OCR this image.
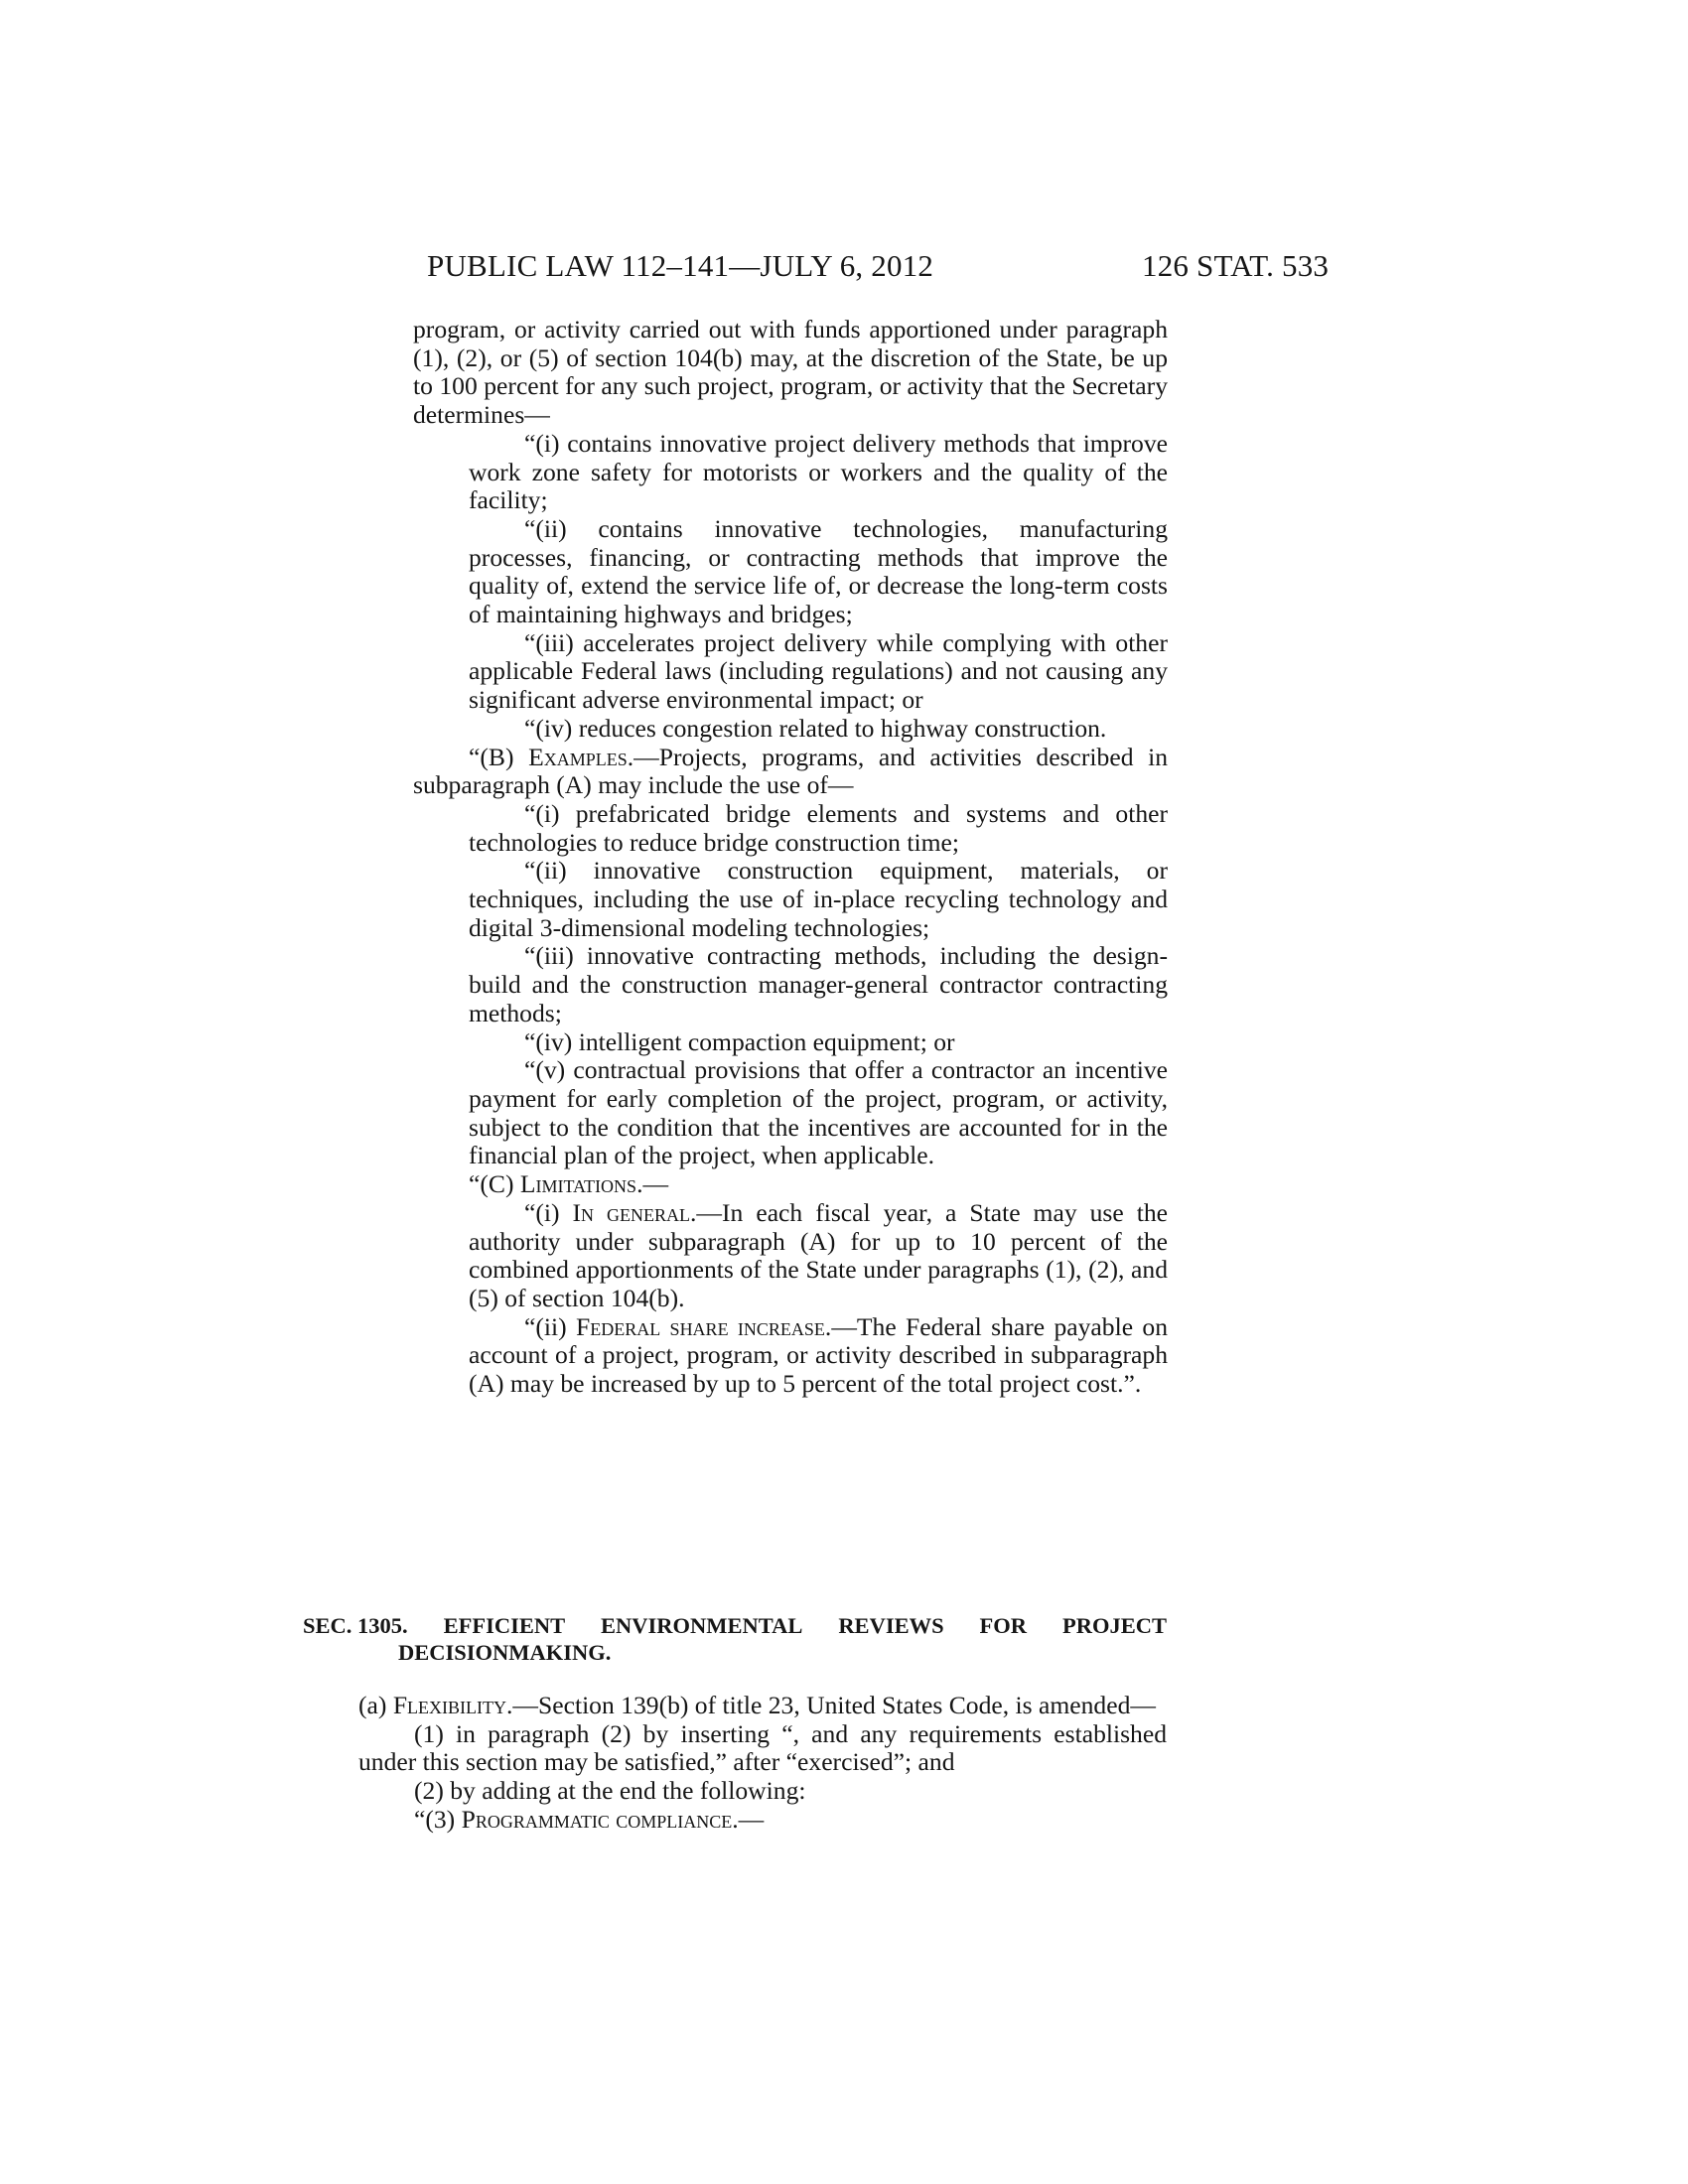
PUBLIC LAW 112–141—JULY 6, 2012	126 STAT. 533

program, or activity carried out with funds apportioned under paragraph (1), (2), or (5) of section 104(b) may, at the discretion of the State, be up to 100 percent for any such project, program, or activity that the Secretary determines—

“(i) contains innovative project delivery methods that improve work zone safety for motorists or workers and the quality of the facility;

“(ii) contains innovative technologies, manufacturing processes, financing, or contracting methods that improve the quality of, extend the service life of, or decrease the long-term costs of maintaining highways and bridges;

“(iii) accelerates project delivery while complying with other applicable Federal laws (including regulations) and not causing any significant adverse environmental impact; or

“(iv) reduces congestion related to highway construction.

“(B) Examples.—Projects, programs, and activities described in subparagraph (A) may include the use of—

“(i) prefabricated bridge elements and systems and other technologies to reduce bridge construction time;

“(ii) innovative construction equipment, materials, or techniques, including the use of in-place recycling technology and digital 3-dimensional modeling technologies;

“(iii) innovative contracting methods, including the design-build and the construction manager-general contractor contracting methods;

“(iv) intelligent compaction equipment; or

“(v) contractual provisions that offer a contractor an incentive payment for early completion of the project, program, or activity, subject to the condition that the incentives are accounted for in the financial plan of the project, when applicable.

“(C) Limitations.—

“(i) In general.—In each fiscal year, a State may use the authority under subparagraph (A) for up to 10 percent of the combined apportionments of the State under paragraphs (1), (2), and (5) of section 104(b).

“(ii) Federal share increase.—The Federal share payable on account of a project, program, or activity described in subparagraph (A) may be increased by up to 5 percent of the total project cost.”.

SEC. 1305. EFFICIENT ENVIRONMENTAL REVIEWS FOR PROJECT
DECISIONMAKING.

(a) Flexibility.—Section 139(b) of title 23, United States Code, is amended—

(1) in paragraph (2) by inserting “, and any requirements established under this section may be satisfied,” after “exercised”; and

(2) by adding at the end the following:

“(3) Programmatic compliance.—
